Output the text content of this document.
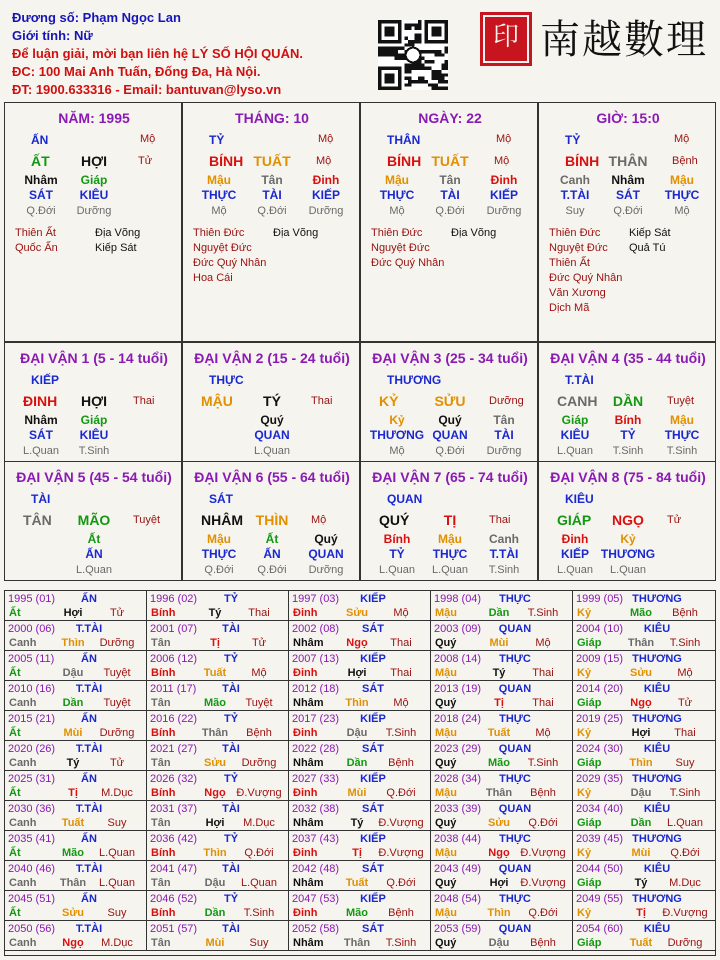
Đương số: Phạm Ngọc Lan
Giới tính: Nữ
Để luận giải, mời bạn liên hệ LÝ SỐ HỘI QUÁN.
ĐC: 100 Mai Anh Tuấn, Đống Đa, Hà Nội.
ĐT: 1900.633316 - Email: bantuvan@lyso.vn
印 南越數理
NĂM: 1995
ẤN	Mộ
ẤT HỢI	Tử
Nhâm Giáp
SÁT KIÊU
Q.Đới Dưỡng
Thiên Ất
Quốc Ấn
Địa Võng
Kiếp Sát
THÁNG: 10
TỶ	Mộ
BÍNH TUẤT Mộ
Mậu	Tân Đinh
THỰC TÀI	KIẾP
Mộ	Q.Đới Dưỡng
Thiên Đức
Nguyệt Đức
Đức Quý Nhân
Hoa Cái
Địa Võng
NGÀY: 22
THÂN	Mộ
BÍNH TUẤT Mộ
Mậu	Tân Đinh
THỰC TÀI	KIẾP
Mộ	Q.Đới Dưỡng
Thiên Đức
Nguyệt Đức
Đức Quý Nhân
Địa Võng
GIỜ: 15:0
TỶ	Mộ
BÍNH THÂN Bệnh
Canh Nhâm Mậu
T.TÀI SÁT THỰC
Suy	Q.Đới	Mộ
Thiên Đức
Nguyệt Đức
Thiên Ất
Đức Quý Nhân
Văn Xương
Dịch Mã
Kiếp Sát
Quả Tú
ĐẠI VẬN 1 (5 - 14 tuổi)
KIẾP
ĐINH HỢI Thai
Nhâm Giáp
SÁT KIÊU
L.Quan T.Sinh
ĐẠI VẬN 2 (15 - 24 tuổi)
THỰC
MẬU TÝ	Thai
Quý
QUAN
L.Quan
ĐẠI VẬN 3 (25 - 34 tuổi)
THƯƠNG
KỶ	SỬU Dưỡng
Kỷ	Quý	Tân
THƯƠNG QUAN TÀI
Mộ	Q.Đới Dưỡng
ĐẠI VẬN 4 (35 - 44 tuổi)
T.TÀI
CANH DẦN Tuyệt
Giáp Bính Mậu
KIÊU	TỶ THỰC
L.Quan T.Sinh T.Sinh
ĐẠI VẬN 5 (45 - 54 tuổi)
TÀI
TÂN MÃO Tuyệt
Ất
ẤN
L.Quan
ĐẠI VẬN 6 (55 - 64 tuổi)
SÁT
NHÂM THÌN Mộ
Mậu	Ất	Quý
THỰC ẤN QUAN
Q.Đới Q.Đới Dưỡng
ĐẠI VẬN 7 (65 - 74 tuổi)
QUAN
QUÝ TỊ	Thai
Bính Mậu Canh
TỶ THỰC T.TÀI
L.Quan L.Quan T.Sinh
ĐẠI VẬN 8 (75 - 84 tuổi)
KIÊU
GIÁP NGỌ Tử
Đinh	Kỷ
KIẾP THƯƠNG
L.Quan L.Quan
1995 (01) ẤN
Ất	Hợi	Tử
1996 (02) TỶ
Bính	Tý Thai
1997 (03) KIẾP
Đinh	Sửu Mộ
1998 (04) THỰC
Mậu	Dần T.Sinh
1999 (05) THƯƠNG
Kỷ	Mão Bệnh
2000 (06) T.TÀI
Canh Thìn Dưỡng
2001 (07) TÀI
Tân	Tị	Tử
2002 (08) SÁT
Nhâm Ngọ Thai
2003 (09) QUAN
Quý	Mùi Mộ
2004 (10) KIÊU
Giáp Thân T.Sinh
2005 (11) ẤN
Ất	Dậu Tuyệt
2006 (12) TỶ
Bính	Tuất Mộ
2007 (13) KIẾP
Đinh	Hợi Thai
2008 (14) THỰC
Mậu	Tý Thai
2009 (15) THƯƠNG
Kỷ	Sửu Mộ
2010 (16) T.TÀI
Canh Dần Tuyệt
2011 (17) TÀI
Tân	Mão Tuyệt
2012 (18) SÁT
Nhâm Thìn Mộ
2013 (19) QUAN
Quý	Tị	Thai
2014 (20) KIÊU
Giáp	Ngọ Tử
2015 (21) ẤN
Ất	Mùi Dưỡng
2016 (22) TỶ
Bính Thân Bệnh
2017 (23) KIẾP
Đinh	Dậu T.Sinh
2018 (24) THỰC
Mậu	Tuất Mộ
2019 (25) THƯƠNG
Kỷ	Hợi Thai
2020 (26) T.TÀI
Canh	Tý	Tử
2021 (27) TÀI
Tân	Sửu Dưỡng
2022 (28) SÁT
Nhâm Dần Bệnh
2023 (29) QUAN
Quý	Mão T.Sinh
2024 (30) KIÊU
Giáp	Thìn Suy
2025 (31) ẤN
Ất	Tị M.Dục
2026 (32) TỶ
Bính	Ngọ Đ.Vượng
2027 (33) KIẾP
Đinh	Mùi Q.Đới
2028 (34) THỰC
Mậu	Thân Bệnh
2029 (35) THƯƠNG
Kỷ	Dậu T.Sinh
2030 (36) T.TÀI
Canh Tuất Suy
2031 (37) TÀI
Tân	Hợi M.Dục
2032 (38) SÁT
Nhâm Tý Đ.Vượng
2033 (39) QUAN
Quý	Sửu Q.Đới
2034 (40) KIÊU
Giáp	Dần L.Quan
2035 (41) ẤN
Ất	Mão L.Quan
2036 (42) TỶ
Bính	Thìn Q.Đới
2037 (43) KIẾP
Đinh	Tị Đ.Vượng
2038 (44) THỰC
Mậu	Ngọ Đ.Vượng
2039 (45) THƯƠNG
Kỷ	Mùi Q.Đới
2040 (46) T.TÀI
Canh Thân L.Quan
2041 (47) TÀI
Tân	Dậu L.Quan
2042 (48) SÁT
Nhâm Tuất Q.Đới
2043 (49) QUAN
Quý	Hợi Đ.Vượng
2044 (50) KIÊU
Giáp	Tý M.Dục
2045 (51) ẤN
Ất	Sửu Suy
2046 (52) TỶ
Bính	Dần T.Sinh
2047 (53) KIẾP
Đinh	Mão Bệnh
2048 (54) THỰC
Mậu	Thìn Q.Đới
2049 (55) THƯƠNG
Kỷ	Tị Đ.Vượng
2050 (56) T.TÀI
Canh Ngọ M.Dục
2051 (57) TÀI
Tân	Mùi Suy
2052 (58) SÁT
Nhâm Thân T.Sinh
2053 (59) QUAN
Quý	Dậu Bệnh
2054 (60) KIÊU
Giáp	Tuất Dưỡng
